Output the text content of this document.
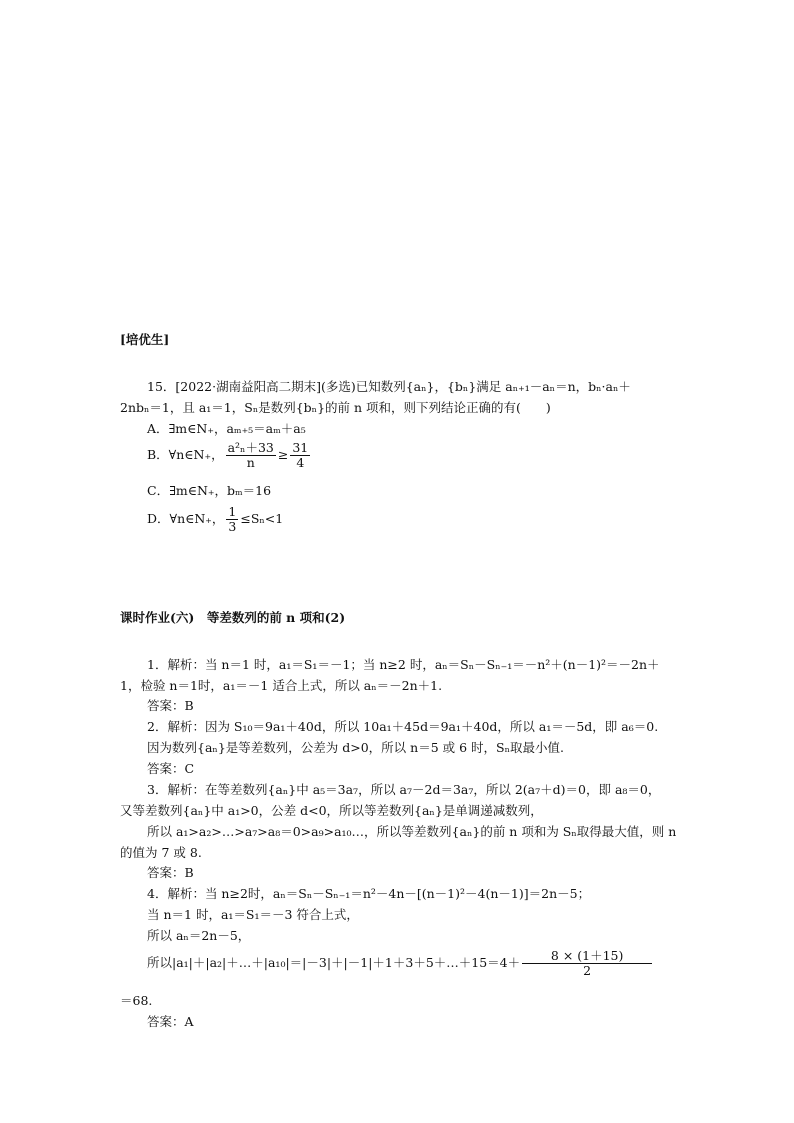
[培优生]
15．[2022·湖南益阳高二期末](多选)已知数列{aₙ}，{bₙ}满足 aₙ₊₁－aₙ＝n，bₙ·aₙ＋
2nbₙ＝1，且 a₁＝1，Sₙ是数列{bₙ}的前 n 项和，则下列结论正确的有(　　)
A．∃m∈N₊，aₘ₊₅＝aₘ＋a₅
B．∀n∈N₊， $\frac{\text{a²ₙ＋33}}{n} \ge \frac{31}{4}$
C．∃m∈N₊，bₘ＝16
D．∀n∈N₊， $\frac{1}{3} \le S_n<1$
课时作业(六)　等差数列的前 n 项和(2)
1．解析：当 n＝1 时，a₁＝S₁＝－1；当 n≥2 时，aₙ＝Sₙ－Sₙ₋₁＝－n²＋(n－1)²＝－2n＋
1，检验 n＝1时，a₁＝－1 适合上式，所以 aₙ＝－2n＋1.
答案：B
2．解析：因为 S₁₀＝9a₁＋40d，所以 10a₁＋45d＝9a₁＋40d，所以 a₁＝－5d，即 a₆＝0.
因为数列{aₙ}是等差数列，公差为 d>0，所以 n＝5 或 6 时，Sₙ取最小值.
答案：C
3．解析：在等差数列{aₙ}中 a₅＝3a₇，所以 a₇－2d＝3a₇，所以 2(a₇＋d)＝0，即 a₈＝0，
又等差数列{aₙ}中 a₁>0，公差 d<0，所以等差数列{aₙ}是单调递减数列，
所以 a₁>a₂>…>a₇>a₈＝0>a₉>a₁₀…，所以等差数列{aₙ}的前 n 项和为 Sₙ取得最大值，则 n
的值为 7 或 8.
答案：B
4．解析：当 n≥2时，aₙ＝Sₙ－Sₙ₋₁＝n²－4n－[(n－1)²－4(n－1)]＝2n－5；
当 n＝1 时，a₁＝S₁＝－3 符合上式，
所以 aₙ＝2n－5，
所以|a₁|＋|a₂|＋…＋|a₁₀|＝|－3|＋|－1|＋1＋3＋5＋…＋15＝4＋ $\frac{8 \times (1+15)}{2}$
＝68.
答案：A
